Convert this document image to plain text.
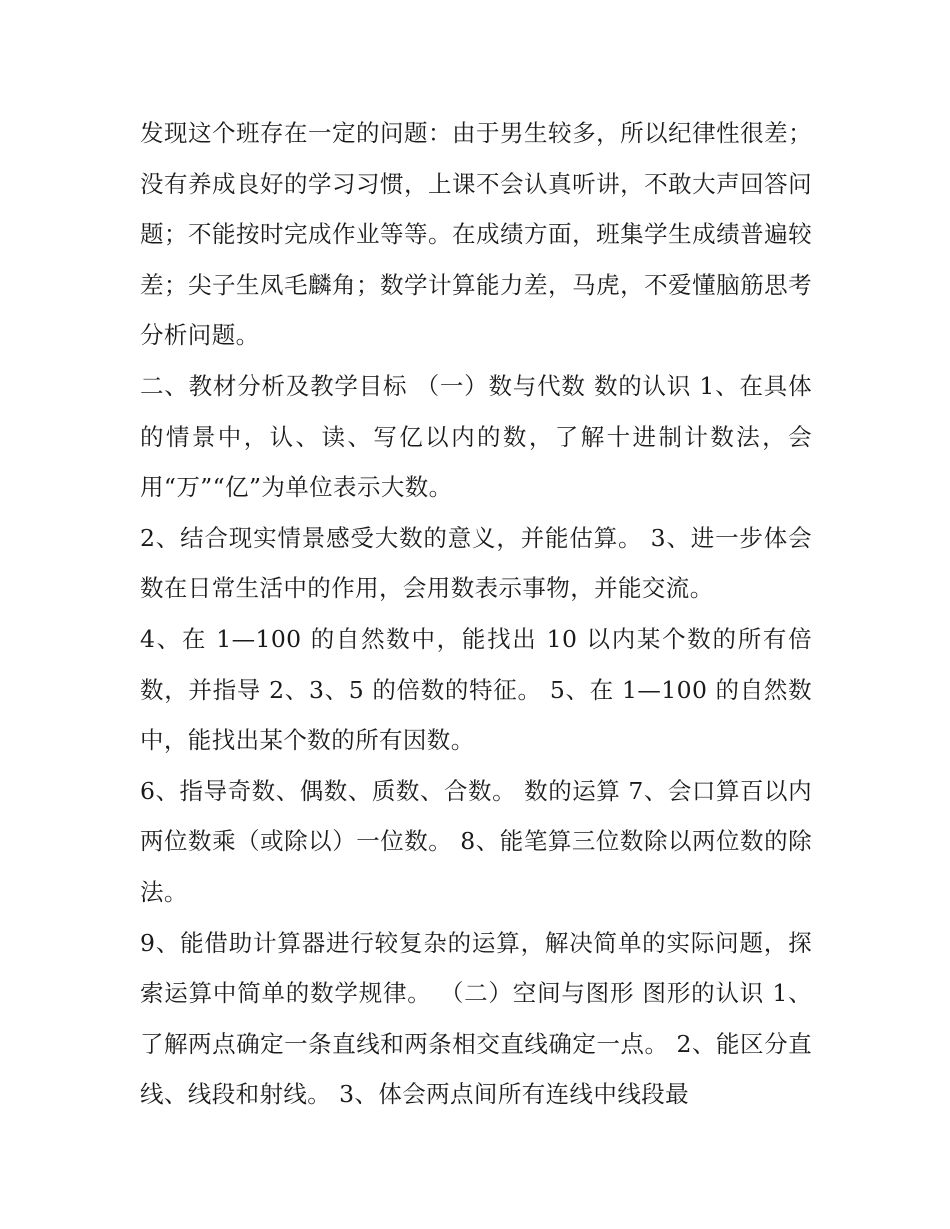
发现这个班存在一定的问题：由于男生较多，所以纪律性很差；没有养成良好的学习习惯，上课不会认真听讲，不敢大声回答问题；不能按时完成作业等等。在成绩方面，班集学生成绩普遍较差；尖子生凤毛麟角；数学计算能力差，马虎，不爱懂脑筋思考分析问题。

二、教材分析及教学目标 （一）数与代数 数的认识 1、在具体的情景中，认、读、写亿以内的数，了解十进制计数法，会用“万”“亿”为单位表示大数。

2、结合现实情景感受大数的意义，并能估算。 3、进一步体会数在日常生活中的作用，会用数表示事物，并能交流。

4、在 1—100 的自然数中，能找出 10 以内某个数的所有倍数，并指导 2、3、5 的倍数的特征。 5、在 1—100 的自然数中，能找出某个数的所有因数。

6、指导奇数、偶数、质数、合数。 数的运算 7、会口算百以内两位数乘（或除以）一位数。 8、能笔算三位数除以两位数的除法。

9、能借助计算器进行较复杂的运算，解决简单的实际问题，探索运算中简单的数学规律。 （二）空间与图形 图形的认识 1、了解两点确定一条直线和两条相交直线确定一点。 2、能区分直线、线段和射线。 3、体会两点间所有连线中线段最
